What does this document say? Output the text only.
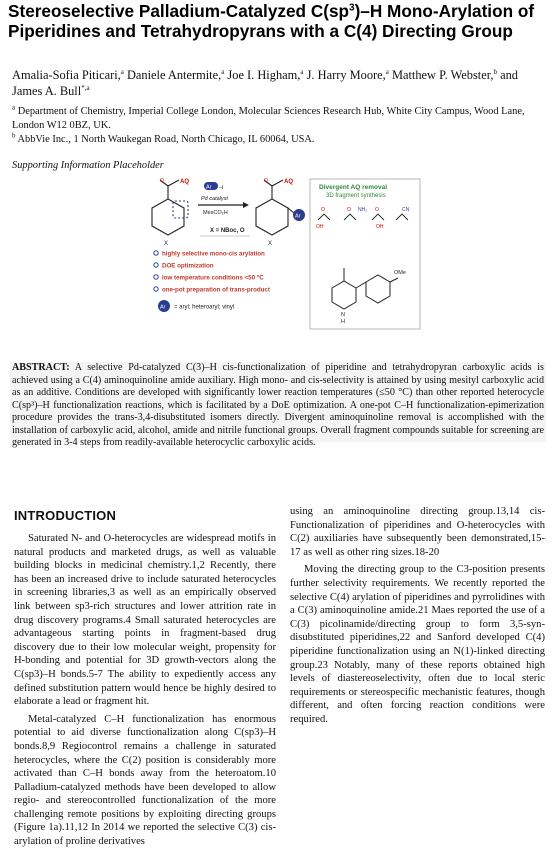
Stereoselective Palladium-Catalyzed $C(sp^3)-H$ Mono-Arylation of Piperidines and Tetrahydropyrans with a C(4) Directing Group
Amalia-Sofia Piticari,$^a$ Daniele Antermite,$^a$ Joe I. Higham,$^a$ J. Harry Moore,$^a$ Matthew P. Webster,$^b$ and James A. Bull$^{*,a}$
$^a$ Department of Chemistry, Imperial College London, Molecular Sciences Research Hub, White City Campus, Wood Lane, London W12 0BZ, UK.
$^b$ AbbVie Inc., 1 North Waukegan Road, North Chicago, IL 60064, USA.
Supporting Information Placeholder
O	AQ
X
Ar –I
Pd catalyst
MesCO₂H
O	AQ
Ar
X
X = NBoc, O
highly selective mono-cis arylation
DOE optimization
low temperature conditions <50 °C
one-pot preparation of trans-product
Ar = aryl; heteroaryl; vinyl
Divergent AQ removal
3D fragment synthesis
O	O NH₂ O	CN
OH	OH
OMe
N
H
ABSTRACT: A selective Pd-catalyzed C(3)–H cis-functionalization of piperidine and tetrahydropyran carboxylic acids is achieved using a C(4) aminoquinoline amide auxiliary. High mono- and cis-selectivity is attained by using mesityl carboxylic acid as an additive. Conditions are developed with significantly lower reaction temperatures (≤50 °C) than other reported heterocycle C(sp³)–H functionalization reactions, which is facilitated by a DoE optimization. A one-pot C–H functionalization-epimerization procedure provides the trans-3,4-disubstituted isomers directly. Divergent aminoquinoline removal is accomplished with the installation of carboxylic acid, alcohol, amide and nitrile functional groups. Overall fragment compounds suitable for screening are generated in 3-4 steps from readily-available heterocyclic carboxylic acids.
INTRODUCTION

Saturated N- and O-heterocycles are widespread motifs in natural products and marketed drugs, as well as valuable building blocks in medicinal chemistry.1,2 Recently, there has been an increased drive to include saturated heterocycles in screening libraries,3 as well as an empirically observed link between sp3-rich structures and lower attrition rate in drug discovery programs.4 Small saturated heterocycles are advantageous starting points in fragment-based drug discovery due to their low molecular weight, propensity for H-bonding and potential for 3D growth-vectors along the C(sp3)–H bonds.5-7 The ability to expediently access any defined substitution pattern would hence be highly desired to elaborate a lead or fragment hit.

Metal-catalyzed C–H functionalization has enormous potential to aid diverse functionalization along C(sp3)–H bonds.8,9 Regiocontrol remains a challenge in saturated heterocycles, where the C(2) position is considerably more activated than C–H bonds away from the heteroatom.10 Palladium-catalyzed methods have been developed to allow regio- and stereocontrolled functionalization of the more challenging remote positions by exploiting directing groups (Figure 1a).11,12 In 2014 we reported the selective C(3) cis-arylation of proline derivatives

using an aminoquinoline directing group.13,14 cis-Functionalization of piperidines and O-heterocycles with C(2) auxiliaries have subsequently been demonstrated,15-17 as well as other ring sizes.18-20

Moving the directing group to the C3-position presents further selectivity requirements. We recently reported the selective C(4) arylation of piperidines and pyrrolidines with a C(3) aminoquinoline amide.21 Maes reported the use of a C(3) picolinamide/directing group to form 3,5-syn-disubstituted piperidines,22 and Sanford developed C(4) piperidine functionalization using an N(1)-linked directing group.23 Notably, many of these reports obtained high levels of diastereoselectivity, often due to local steric requirements or stereospecific mechanistic features, though different, and often forcing reaction conditions were required.
